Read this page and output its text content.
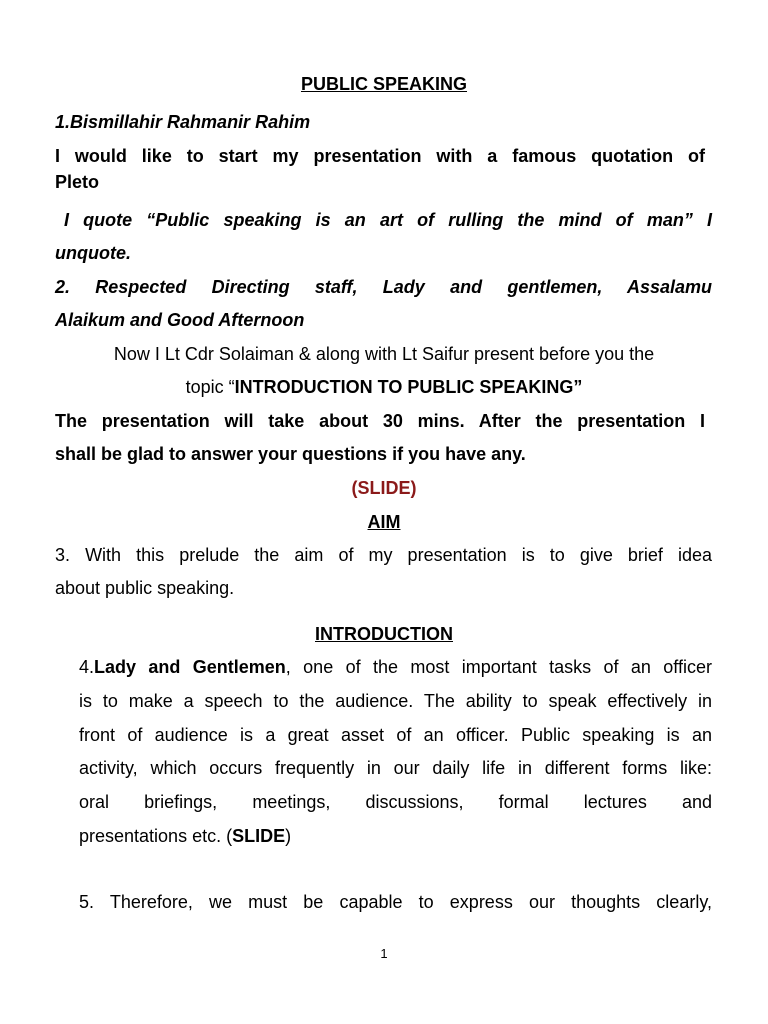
PUBLIC SPEAKING
1.Bismillahir Rahmanir Rahim
I would like to start my presentation with a famous quotation of
Pleto
I quote “Public speaking is an art of rulling the mind of man” I
unquote.
2. Respected Directing staff, Lady and gentlemen, Assalamu
Alaikum and Good Afternoon
Now I Lt Cdr Solaiman & along with Lt Saifur present before you the
topic “INTRODUCTION TO PUBLIC SPEAKING”
The presentation will take about 30 mins. After the presentation I
shall be glad to answer your questions if you have any.
(SLIDE)
AIM
3. With this prelude the aim of my presentation is to give brief idea
about public speaking.
INTRODUCTION
4.Lady and Gentlemen, one of the most important tasks of an officer
is to make a speech to the audience. The ability to speak effectively in
front of audience is a great asset of an officer. Public speaking is an
activity, which occurs frequently in our daily life in different forms like:
oral briefings, meetings, discussions, formal lectures and
presentations etc. (SLIDE)
5. Therefore, we must be capable to express our thoughts clearly,
1
